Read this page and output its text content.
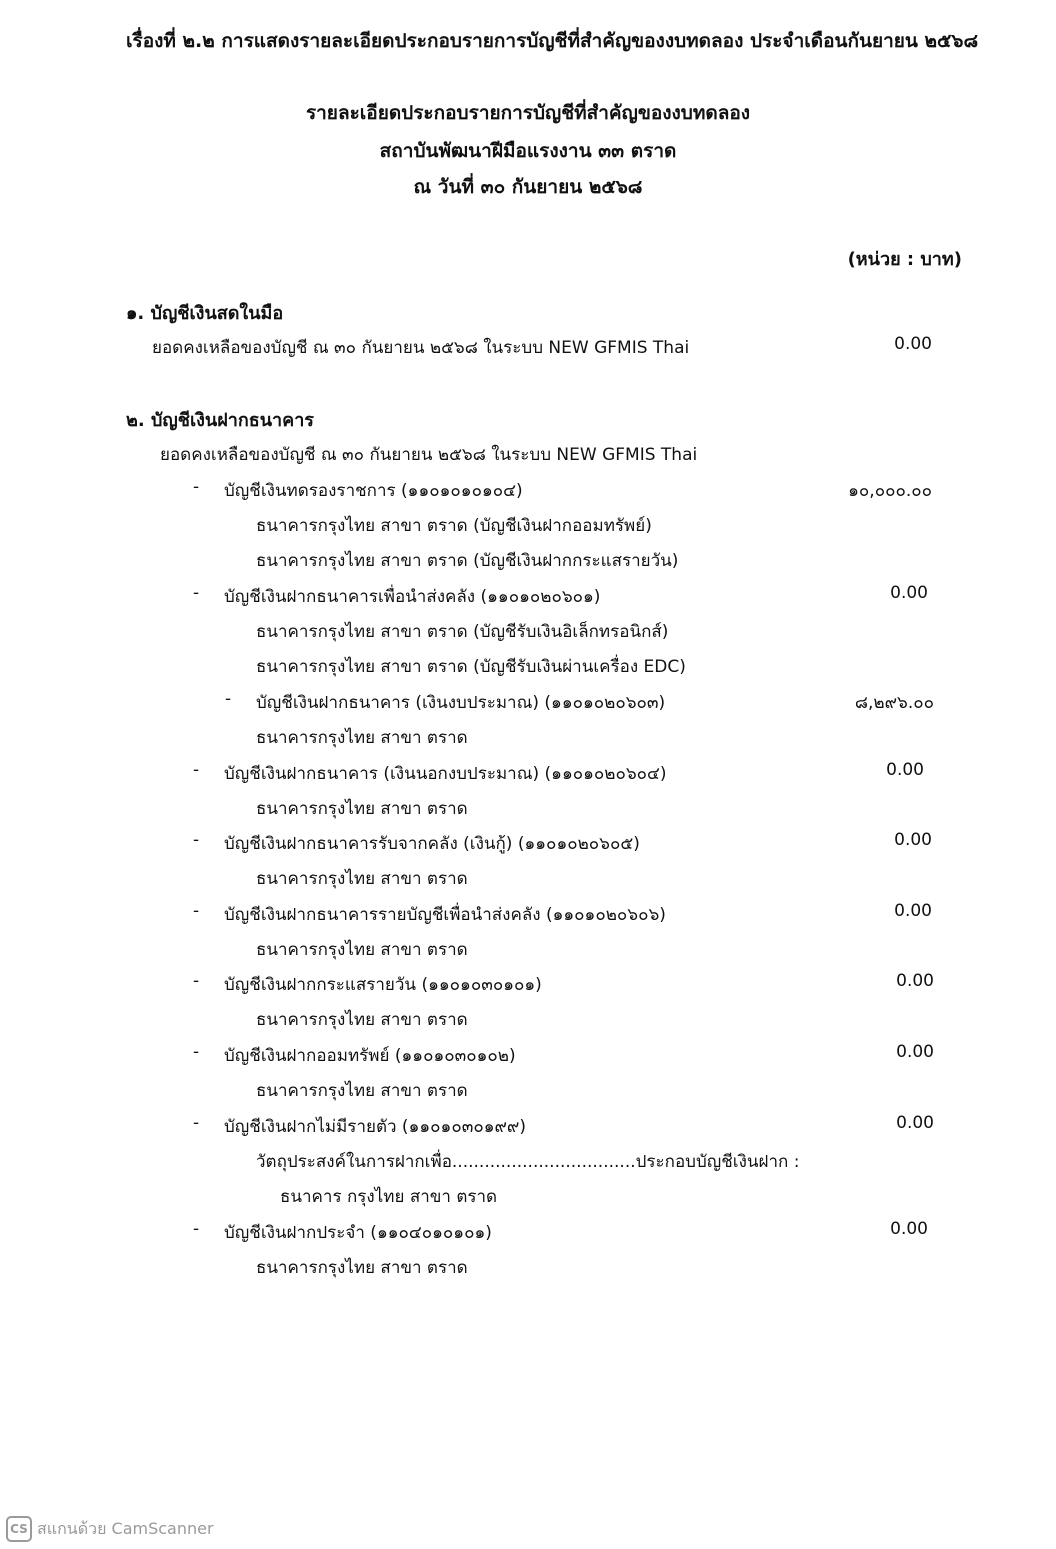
เรื่องที่ ๒.๒ การแสดงรายละเอียดประกอบรายการบัญชีที่สำคัญของงบทดลอง ประจำเดือนกันยายน ๒๕๖๘
รายละเอียดประกอบรายการบัญชีที่สำคัญของงบทดลอง
สถาบันพัฒนาฝีมือแรงงาน ๓๓ ตราด
ณ วันที่ ๓๐ กันยายน ๒๕๖๘
(หน่วย : บาท)
๑. บัญชีเงินสดในมือ
ยอดคงเหลือของบัญชี ณ ๓๐ กันยายน ๒๕๖๘ ในระบบ NEW GFMIS Thai	0.00
๒. บัญชีเงินฝากธนาคาร
ยอดคงเหลือของบัญชี ณ ๓๐ กันยายน ๒๕๖๘ ในระบบ NEW GFMIS Thai
- บัญชีเงินทดรองราชการ (๑๑๐๑๐๑๐๑๐๔)	๑๐,๐๐๐.๐๐
ธนาคารกรุงไทย สาขา ตราด (บัญชีเงินฝากออมทรัพย์)
ธนาคารกรุงไทย สาขา ตราด (บัญชีเงินฝากกระแสรายวัน)
- บัญชีเงินฝากธนาคารเพื่อนำส่งคลัง (๑๑๐๑๐๒๐๖๐๑)	0.00
ธนาคารกรุงไทย สาขา ตราด (บัญชีรับเงินอิเล็กทรอนิกส์)
ธนาคารกรุงไทย สาขา ตราด (บัญชีรับเงินผ่านเครื่อง EDC)
- บัญชีเงินฝากธนาคาร (เงินงบประมาณ) (๑๑๐๑๐๒๐๖๐๓)	๘,๒๙๖.๐๐
ธนาคารกรุงไทย สาขา ตราด
- บัญชีเงินฝากธนาคาร (เงินนอกงบประมาณ) (๑๑๐๑๐๒๐๖๐๔)	0.00
ธนาคารกรุงไทย สาขา ตราด
- บัญชีเงินฝากธนาคารรับจากคลัง (เงินกู้) (๑๑๐๑๐๒๐๖๐๕)	0.00
ธนาคารกรุงไทย สาขา ตราด
- บัญชีเงินฝากธนาคารรายบัญชีเพื่อนำส่งคลัง (๑๑๐๑๐๒๐๖๐๖)	0.00
ธนาคารกรุงไทย สาขา ตราด
- บัญชีเงินฝากกระแสรายวัน (๑๑๐๑๐๓๐๑๐๑)	0.00
ธนาคารกรุงไทย สาขา ตราด
- บัญชีเงินฝากออมทรัพย์ (๑๑๐๑๐๓๐๑๐๒)	0.00
ธนาคารกรุงไทย สาขา ตราด
- บัญชีเงินฝากไม่มีรายตัว (๑๑๐๑๐๓๐๑๙๙)	0.00
วัตถุประสงค์ในการฝากเพื่อ..................................ประกอบบัญชีเงินฝาก :
ธนาคาร กรุงไทย สาขา ตราด
- บัญชีเงินฝากประจำ (๑๑๐๔๐๑๐๑๐๑)	0.00
ธนาคารกรุงไทย สาขา ตราด
CS สแกนด้วย CamScanner
